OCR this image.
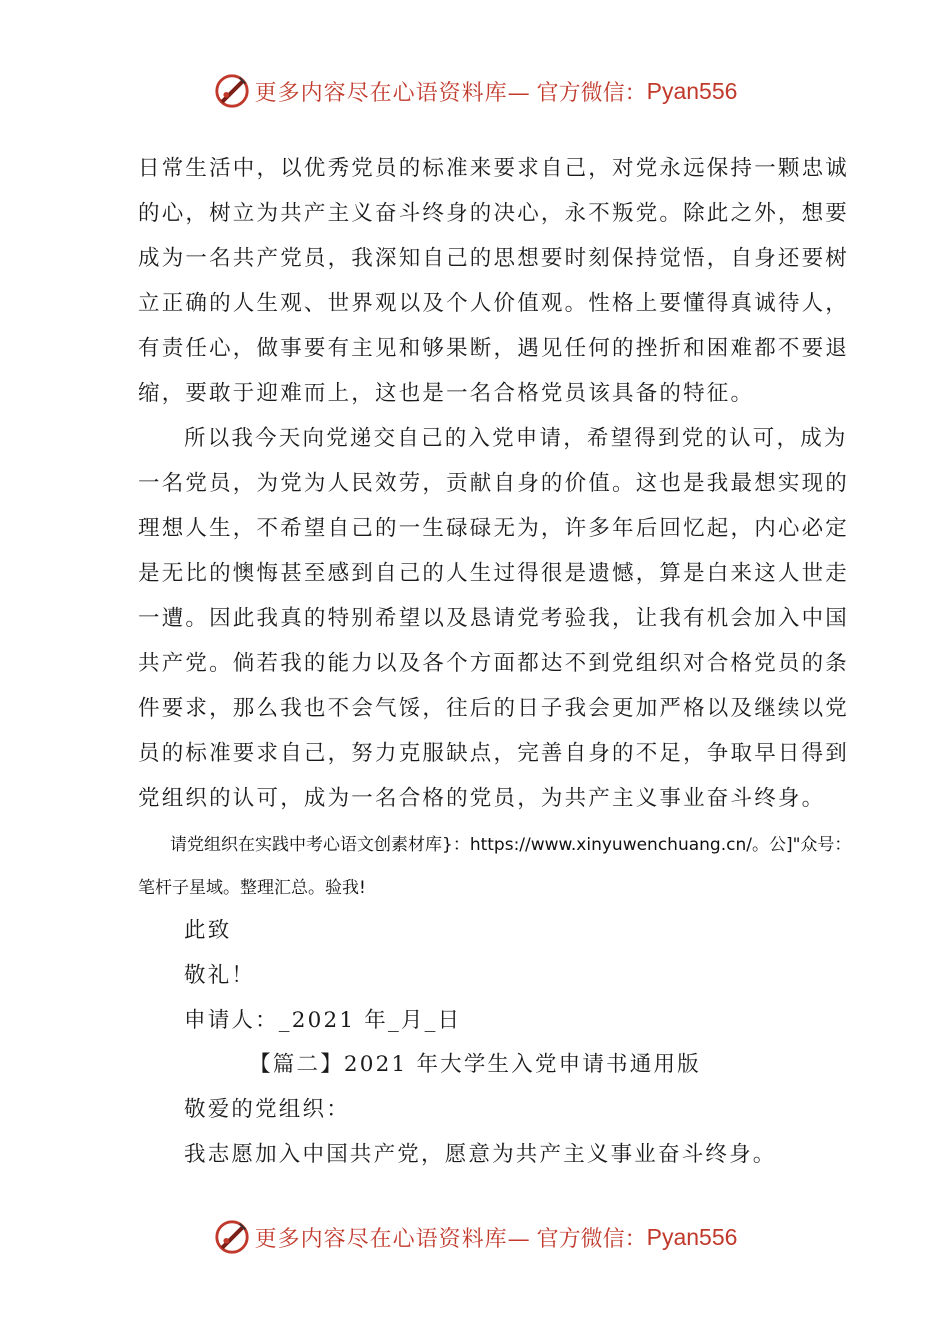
更多内容尽在心语资料库— 官方微信： Pyan556
日常生活中，以优秀党员的标准来要求自己，对党永远保持一颗忠诚
的心，树立为共产主义奋斗终身的决心，永不叛党。除此之外，想要
成为一名共产党员，我深知自己的思想要时刻保持觉悟，自身还要树
立正确的人生观、世界观以及个人价值观。性格上要懂得真诚待人，
有责任心，做事要有主见和够果断，遇见任何的挫折和困难都不要退
缩，要敢于迎难而上，这也是一名合格党员该具备的特征。
所以我今天向党递交自己的入党申请，希望得到党的认可，成为
一名党员，为党为人民效劳，贡献自身的价值。这也是我最想实现的
理想人生，不希望自己的一生碌碌无为，许多年后回忆起，内心必定
是无比的懊悔甚至感到自己的人生过得很是遗憾，算是白来这人世走
一遭。因此我真的特别希望以及恳请党考验我，让我有机会加入中国
共产党。倘若我的能力以及各个方面都达不到党组织对合格党员的条
件要求，那么我也不会气馁，往后的日子我会更加严格以及继续以党
员的标准要求自己，努力克服缺点，完善自身的不足，争取早日得到
党组织的认可，成为一名合格的党员，为共产主义事业奋斗终身。
请党组织在实践中考心语文创素材库}：https://www.xinyuwenchuang.cn/。公]"众号：
笔杆子星域。整理汇总。验我!
此致
敬礼！
申请人：_2021 年_月_日
【篇二】2021 年大学生入党申请书通用版
敬爱的党组织：
我志愿加入中国共产党，愿意为共产主义事业奋斗终身。
更多内容尽在心语资料库— 官方微信： Pyan556
